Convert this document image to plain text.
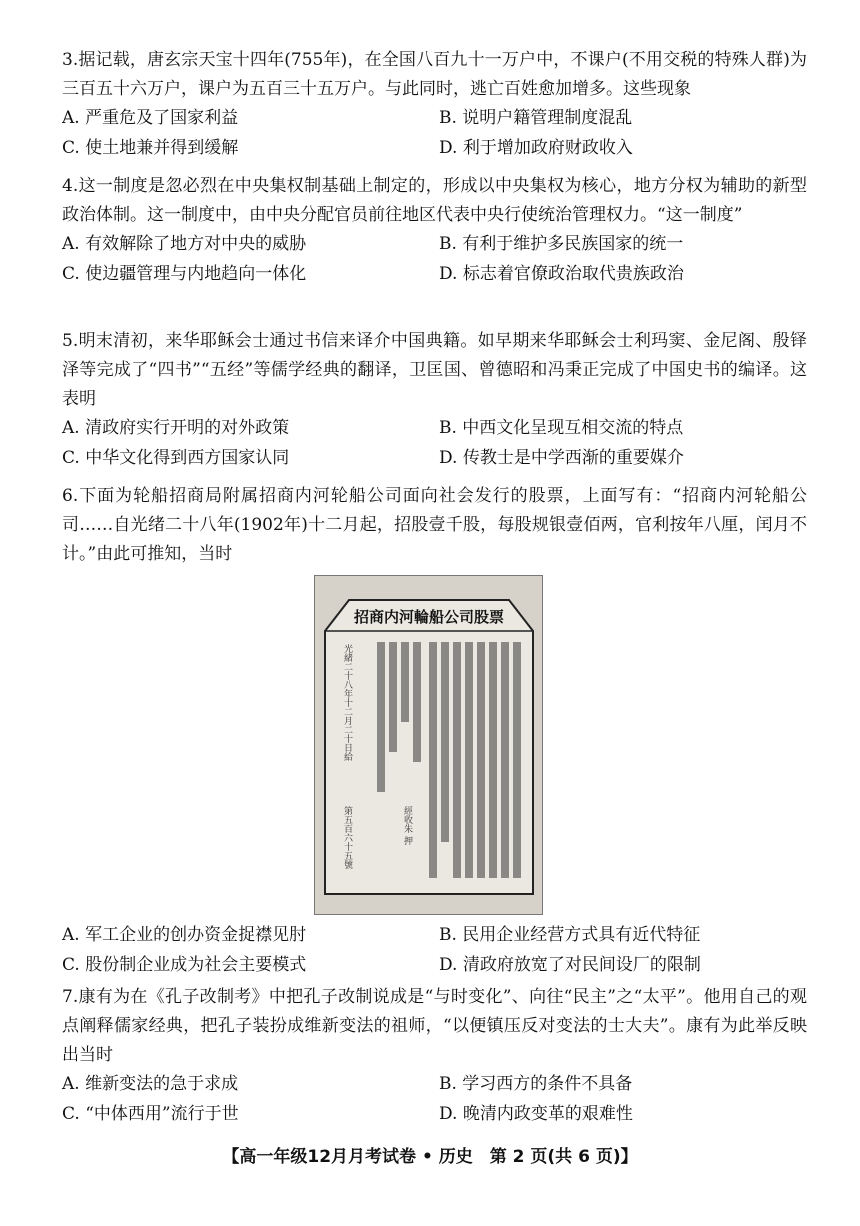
3.据记载，唐玄宗天宝十四年(755年)，在全国八百九十一万户中，不课户(不用交税的特殊人群)为三百五十六万户，课户为五百三十五万户。与此同时，逃亡百姓愈加增多。这些现象

A. 严重危及了国家利益	B. 说明户籍管理制度混乱
C. 使土地兼并得到缓解	D. 利于增加政府财政收入

4.这一制度是忽必烈在中央集权制基础上制定的，形成以中央集权为核心，地方分权为辅助的新型政治体制。这一制度中，由中央分配官员前往地区代表中央行使统治管理权力。“这一制度”

A. 有效解除了地方对中央的威胁	B. 有利于维护多民族国家的统一
C. 使边疆管理与内地趋向一体化	D. 标志着官僚政治取代贵族政治

5.明末清初，来华耶稣会士通过书信来译介中国典籍。如早期来华耶稣会士利玛窦、金尼阁、殷铎泽等完成了“四书”“五经”等儒学经典的翻译，卫匡国、曾德昭和冯秉正完成了中国史书的编译。这表明

A. 清政府实行开明的对外政策	B. 中西文化呈现互相交流的特点
C. 中华文化得到西方国家认同	D. 传教士是中学西渐的重要媒介

6.下面为轮船招商局附属招商内河轮船公司面向社会发行的股票，上面写有：“招商内河轮船公司……自光绪二十八年(1902年)十二月起，招股壹千股，每股规银壹佰两，官利按年八厘，闰月不计。”由此可推知，当时

招商内河輪船公司股票
光緒二十八年十二月二十日給
經收朱 押
第五百六十五號
A. 军工企业的创办资金捉襟见肘	B. 民用企业经营方式具有近代特征
C. 股份制企业成为社会主要模式	D. 清政府放宽了对民间设厂的限制

7.康有为在《孔子改制考》中把孔子改制说成是“与时变化”、向往“民主”之“太平”。他用自己的观点阐释儒家经典，把孔子装扮成维新变法的祖师，“以便镇压反对变法的士大夫”。康有为此举反映出当时

A. 维新变法的急于求成	B. 学习西方的条件不具备
C. “中体西用”流行于世	D. 晚清内政变革的艰难性
【高一年级12月月考试卷 • 历史　第 2 页(共 6 页)】
